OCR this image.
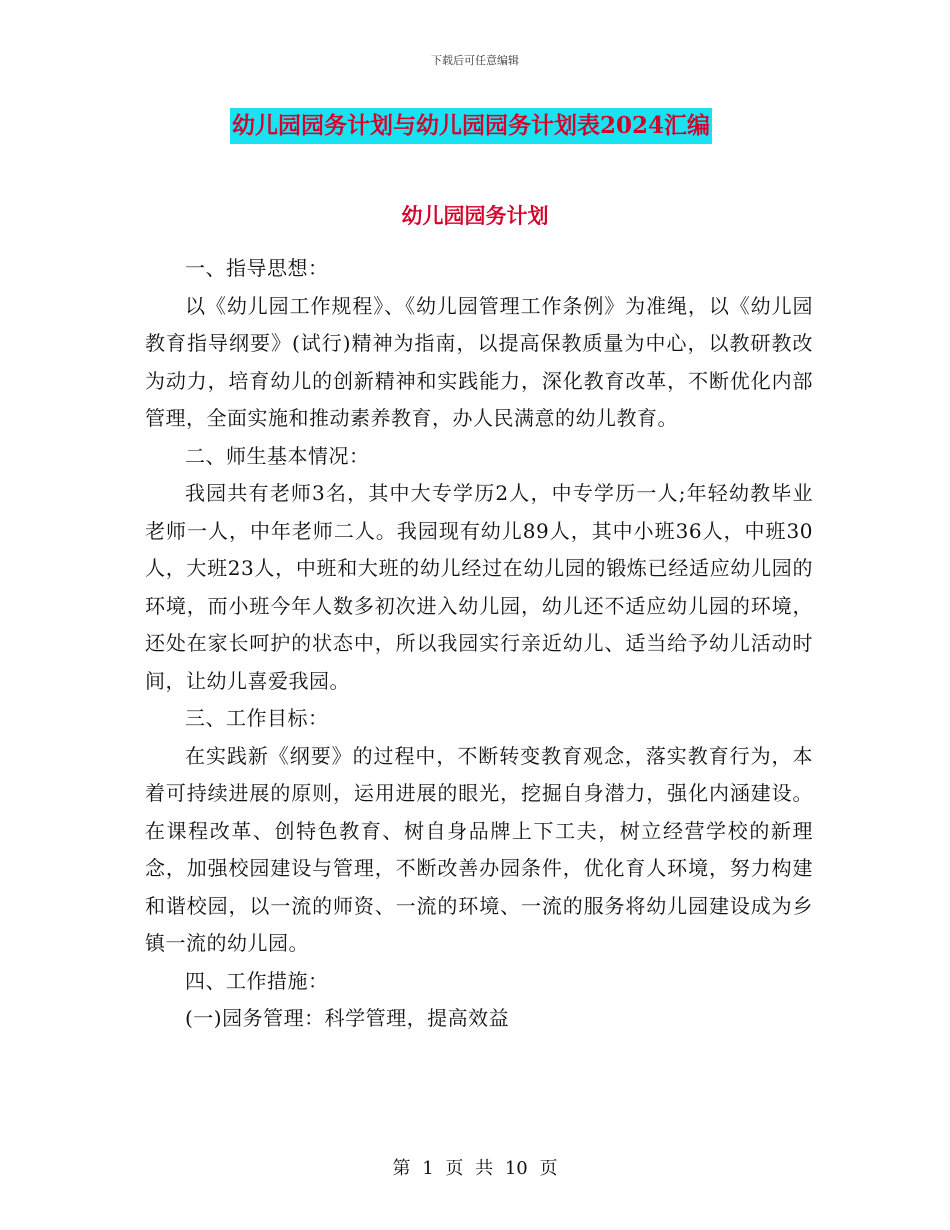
下载后可任意编辑
幼儿园园务计划与幼儿园园务计划表2024汇编
幼儿园园务计划

一、指导思想：

以《幼儿园工作规程》、《幼儿园管理工作条例》为准绳，以《幼儿园教育指导纲要》(试行)精神为指南，以提高保教质量为中心，以教研教改为动力，培育幼儿的创新精神和实践能力，深化教育改革，不断优化内部管理，全面实施和推动素养教育，办人民满意的幼儿教育。

二、师生基本情况：

我园共有老师3名，其中大专学历2人，中专学历一人;年轻幼教毕业老师一人，中年老师二人。我园现有幼儿89人，其中小班36人，中班30人，大班23人，中班和大班的幼儿经过在幼儿园的锻炼已经适应幼儿园的环境，而小班今年人数多初次进入幼儿园，幼儿还不适应幼儿园的环境，还处在家长呵护的状态中，所以我园实行亲近幼儿、适当给予幼儿活动时间，让幼儿喜爱我园。

三、工作目标：

在实践新《纲要》的过程中，不断转变教育观念，落实教育行为，本着可持续进展的原则，运用进展的眼光，挖掘自身潜力，强化内涵建设。在课程改革、创特色教育、树自身品牌上下工夫，树立经营学校的新理念，加强校园建设与管理，不断改善办园条件，优化育人环境，努力构建和谐校园，以一流的师资、一流的环境、一流的服务将幼儿园建设成为乡镇一流的幼儿园。

四、工作措施：

(一)园务管理：科学管理，提高效益

第 1 页 共 10 页
